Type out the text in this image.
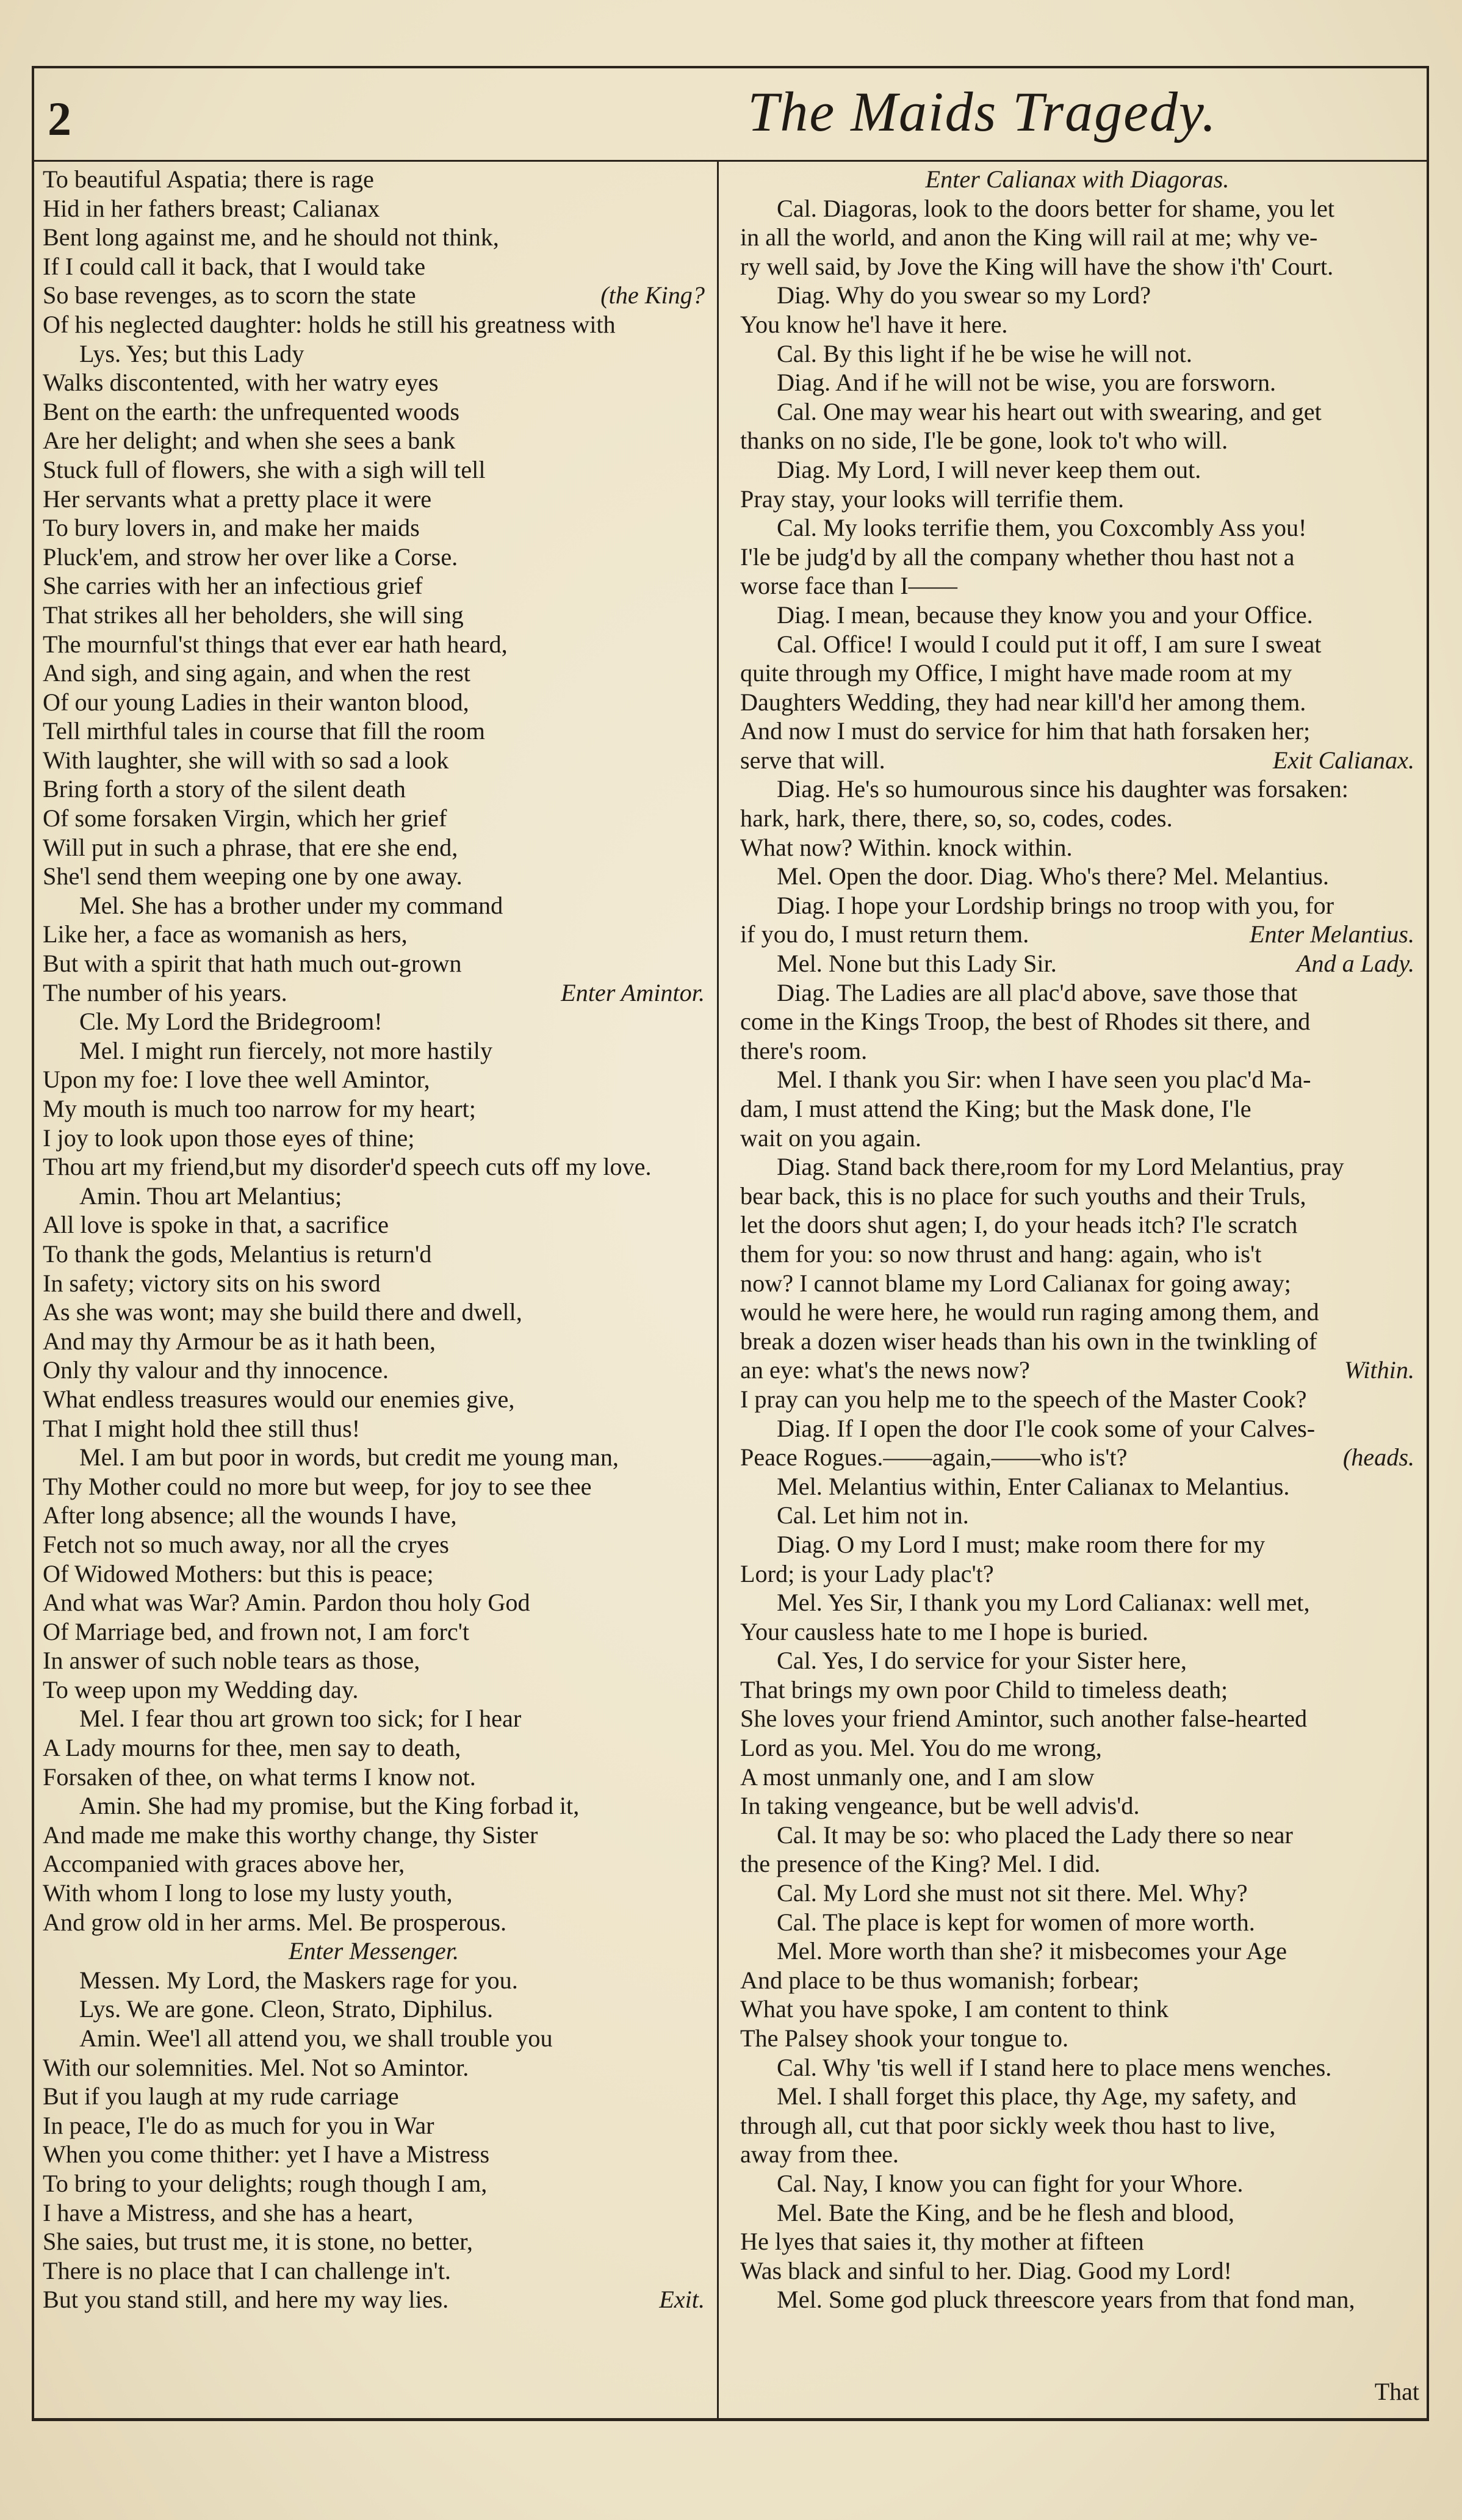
2	The Maids Tragedy.
To beautiful Aspatia; there is rage
Hid in her fathers breast; Calianax
Bent long against me, and he should not think,
If I could call it back, that I would take
So base revenges, as to scorn the state	(the King?
Of his neglected daughter: holds he still his greatness with
Lys. Yes; but this Lady
Walks discontented, with her watry eyes
Bent on the earth: the unfrequented woods
Are her delight; and when she sees a bank
Stuck full of flowers, she with a sigh will tell
Her servants what a pretty place it were
To bury lovers in, and make her maids
Pluck'em, and strow her over like a Corse.
She carries with her an infectious grief
That strikes all her beholders, she will sing
The mournful'st things that ever ear hath heard,
And sigh, and sing again, and when the rest
Of our young Ladies in their wanton blood,
Tell mirthful tales in course that fill the room
With laughter, she will with so sad a look
Bring forth a story of the silent death
Of some forsaken Virgin, which her grief
Will put in such a phrase, that ere she end,
She'l send them weeping one by one away.
Mel. She has a brother under my command
Like her, a face as womanish as hers,
But with a spirit that hath much out-grown
The number of his years.	Enter Amintor.
Cle. My Lord the Bridegroom!
Mel. I might run fiercely, not more hastily
Upon my foe: I love thee well Amintor,
My mouth is much too narrow for my heart;
I joy to look upon those eyes of thine;
Thou art my friend,but my disorder'd speech cuts off my love.
Amin. Thou art Melantius;
All love is spoke in that, a sacrifice
To thank the gods, Melantius is return'd
In safety; victory sits on his sword
As she was wont; may she build there and dwell,
And may thy Armour be as it hath been,
Only thy valour and thy innocence.
What endless treasures would our enemies give,
That I might hold thee still thus!
Mel. I am but poor in words, but credit me young man,
Thy Mother could no more but weep, for joy to see thee
After long absence; all the wounds I have,
Fetch not so much away, nor all the cryes
Of Widowed Mothers: but this is peace;
And what was War? Amin. Pardon thou holy God
Of Marriage bed, and frown not, I am forc't
In answer of such noble tears as those,
To weep upon my Wedding day.
Mel. I fear thou art grown too sick; for I hear
A Lady mourns for thee, men say to death,
Forsaken of thee, on what terms I know not.
Amin. She had my promise, but the King forbad it,
And made me make this worthy change, thy Sister
Accompanied with graces above her,
With whom I long to lose my lusty youth,
And grow old in her arms. Mel. Be prosperous.
Enter Messenger.
Messen. My Lord, the Maskers rage for you.
Lys. We are gone. Cleon, Strato, Diphilus.
Amin. Wee'l all attend you, we shall trouble you
With our solemnities. Mel. Not so Amintor.
But if you laugh at my rude carriage
In peace, I'le do as much for you in War
When you come thither: yet I have a Mistress
To bring to your delights; rough though I am,
I have a Mistress, and she has a heart,
She saies, but trust me, it is stone, no better,
There is no place that I can challenge in't.
But you stand still, and here my way lies.	Exit.
Enter Calianax with Diagoras.
Cal. Diagoras, look to the doors better for shame, you let
in all the world, and anon the King will rail at me; why ve-
ry well said, by Jove the King will have the show i'th' Court.
Diag. Why do you swear so my Lord?
You know he'l have it here.
Cal. By this light if he be wise he will not.
Diag. And if he will not be wise, you are forsworn.
Cal. One may wear his heart out with swearing, and get
thanks on no side, I'le be gone, look to't who will.
Diag. My Lord, I will never keep them out.
Pray stay, your looks will terrifie them.
Cal. My looks terrifie them, you Coxcombly Ass you!
I'le be judg'd by all the company whether thou hast not a
worse face than I——
Diag. I mean, because they know you and your Office.
Cal. Office! I would I could put it off, I am sure I sweat
quite through my Office, I might have made room at my
Daughters Wedding, they had near kill'd her among them.
And now I must do service for him that hath forsaken her;
serve that will.	Exit Calianax.
Diag. He's so humourous since his daughter was forsaken:
hark, hark, there, there, so, so, codes, codes.
What now? Within. knock within.
Mel. Open the door. Diag. Who's there? Mel. Melantius.
Diag. I hope your Lordship brings no troop with you, for
if you do, I must return them.	Enter Melantius.
Mel. None but this Lady Sir.	And a Lady.
Diag. The Ladies are all plac'd above, save those that
come in the Kings Troop, the best of Rhodes sit there, and
there's room.
Mel. I thank you Sir: when I have seen you plac'd Ma-
dam, I must attend the King; but the Mask done, I'le
wait on you again.
Diag. Stand back there,room for my Lord Melantius, pray
bear back, this is no place for such youths and their Truls,
let the doors shut agen; I, do your heads itch? I'le scratch
them for you: so now thrust and hang: again, who is't
now? I cannot blame my Lord Calianax for going away;
would he were here, he would run raging among them, and
break a dozen wiser heads than his own in the twinkling of
an eye: what's the news now?	Within.
I pray can you help me to the speech of the Master Cook?
Diag. If I open the door I'le cook some of your Calves-
Peace Rogues.——again,——who is't?	(heads.
Mel. Melantius within, Enter Calianax to Melantius.
Cal. Let him not in.
Diag. O my Lord I must; make room there for my
Lord; is your Lady plac't?
Mel. Yes Sir, I thank you my Lord Calianax: well met,
Your causless hate to me I hope is buried.
Cal. Yes, I do service for your Sister here,
That brings my own poor Child to timeless death;
She loves your friend Amintor, such another false-hearted
Lord as you. Mel. You do me wrong,
A most unmanly one, and I am slow
In taking vengeance, but be well advis'd.
Cal. It may be so: who placed the Lady there so near
the presence of the King? Mel. I did.
Cal. My Lord she must not sit there. Mel. Why?
Cal. The place is kept for women of more worth.
Mel. More worth than she? it misbecomes your Age
And place to be thus womanish; forbear;
What you have spoke, I am content to think
The Palsey shook your tongue to.
Cal. Why 'tis well if I stand here to place mens wenches.
Mel. I shall forget this place, thy Age, my safety, and
through all, cut that poor sickly week thou hast to live,
away from thee.
Cal. Nay, I know you can fight for your Whore.
Mel. Bate the King, and be he flesh and blood,
He lyes that saies it, thy mother at fifteen
Was black and sinful to her. Diag. Good my Lord!
Mel. Some god pluck threescore years from that fond man,
That
